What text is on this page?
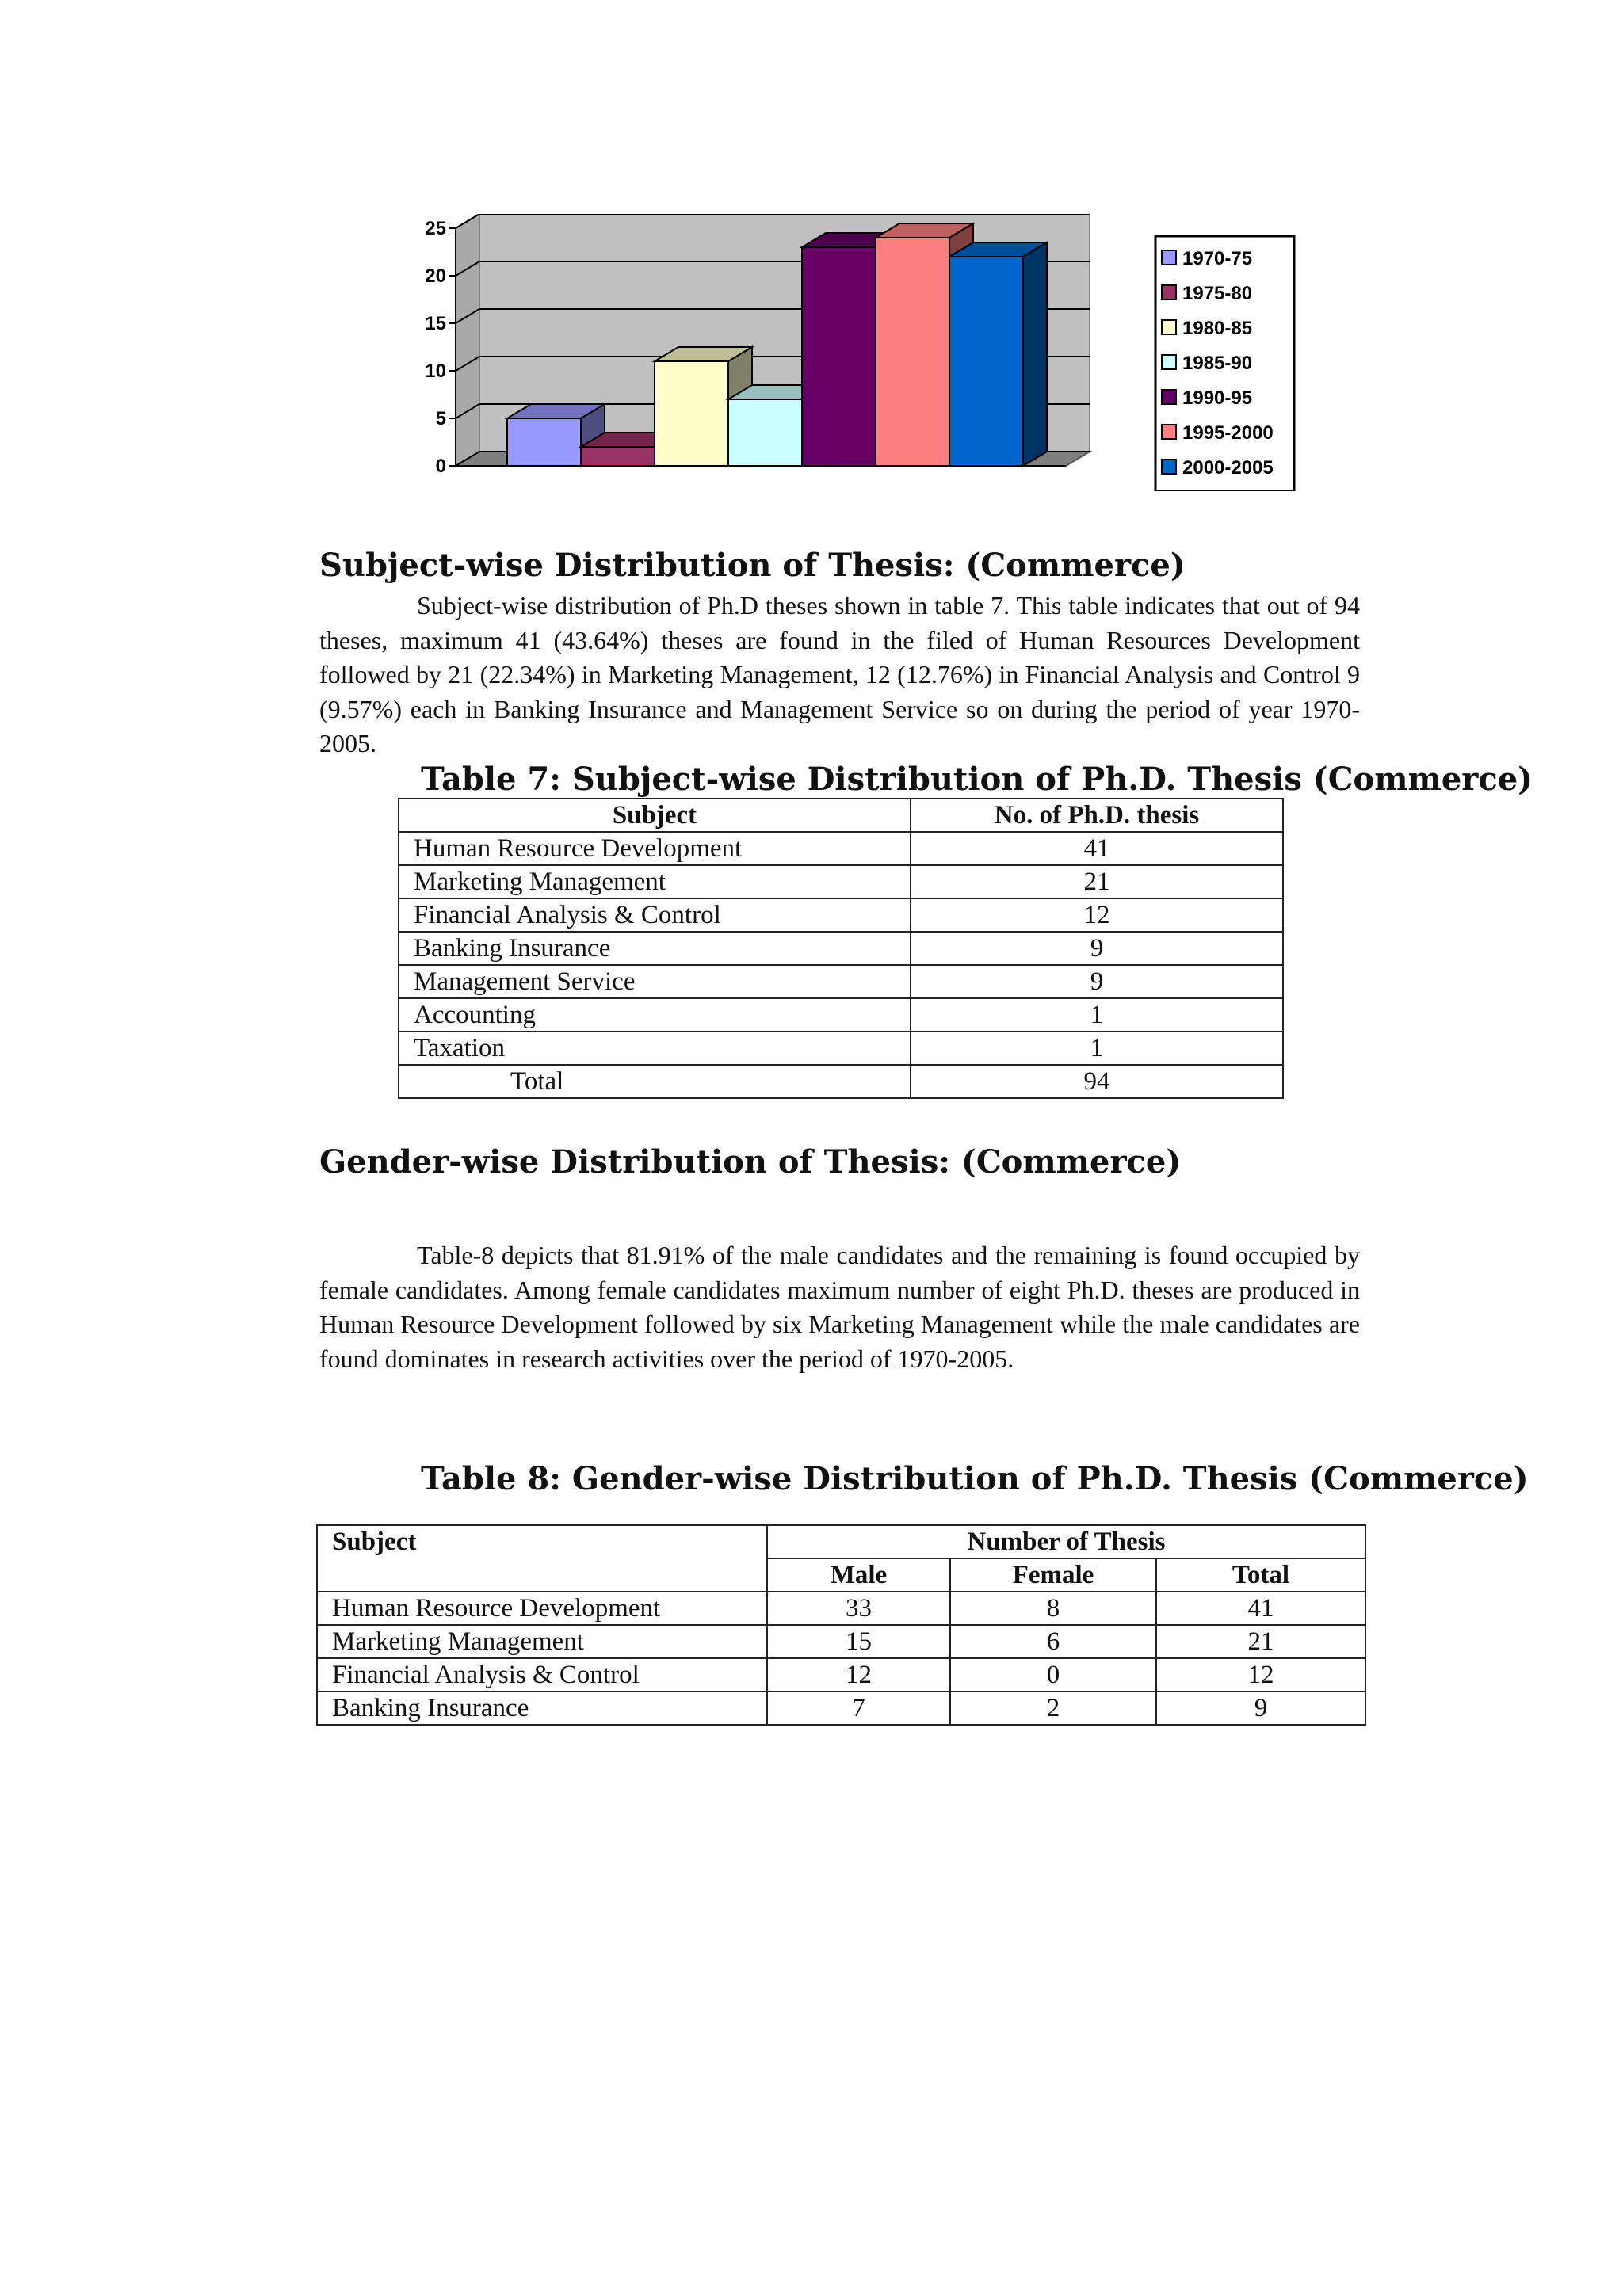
0
5
10
15
20
25
1970-75
1975-80
1980-85
1985-90
1990-95
1995-2000
2000-2005
Subject-wise Distribution of Thesis: (Commerce)

Subject-wise distribution of Ph.D theses shown in table 7. This table indicates that out of 94 theses, maximum 41 (43.64%) theses are found in the filed of Human Resources Development followed by 21 (22.34%) in Marketing Management, 12 (12.76%) in Financial Analysis and Control 9 (9.57%) each in Banking Insurance and Management Service so on during the period of year 1970-2005.

Table 7: Subject-wise Distribution of Ph.D. Thesis (Commerce)

Subject	No. of Ph.D. thesis
Human Resource Development	41
Marketing Management	21
Financial Analysis & Control	12
Banking Insurance	9
Management Service	9
Accounting	1
Taxation	1
Total	94
Gender-wise Distribution of Thesis: (Commerce)

Table-8 depicts that 81.91% of the male candidates and the remaining is found occupied by female candidates. Among female candidates maximum number of eight Ph.D. theses are produced in Human Resource Development followed by six Marketing Management while the male candidates are found dominates in research activities over the period of 1970-2005.

Table 8: Gender-wise Distribution of Ph.D. Thesis (Commerce)

Subject	Number of Thesis		
	Male	Female	Total
Human Resource Development	33	8	41
Marketing Management	15	6	21
Financial Analysis & Control	12	0	12
Banking Insurance	7	2	9
